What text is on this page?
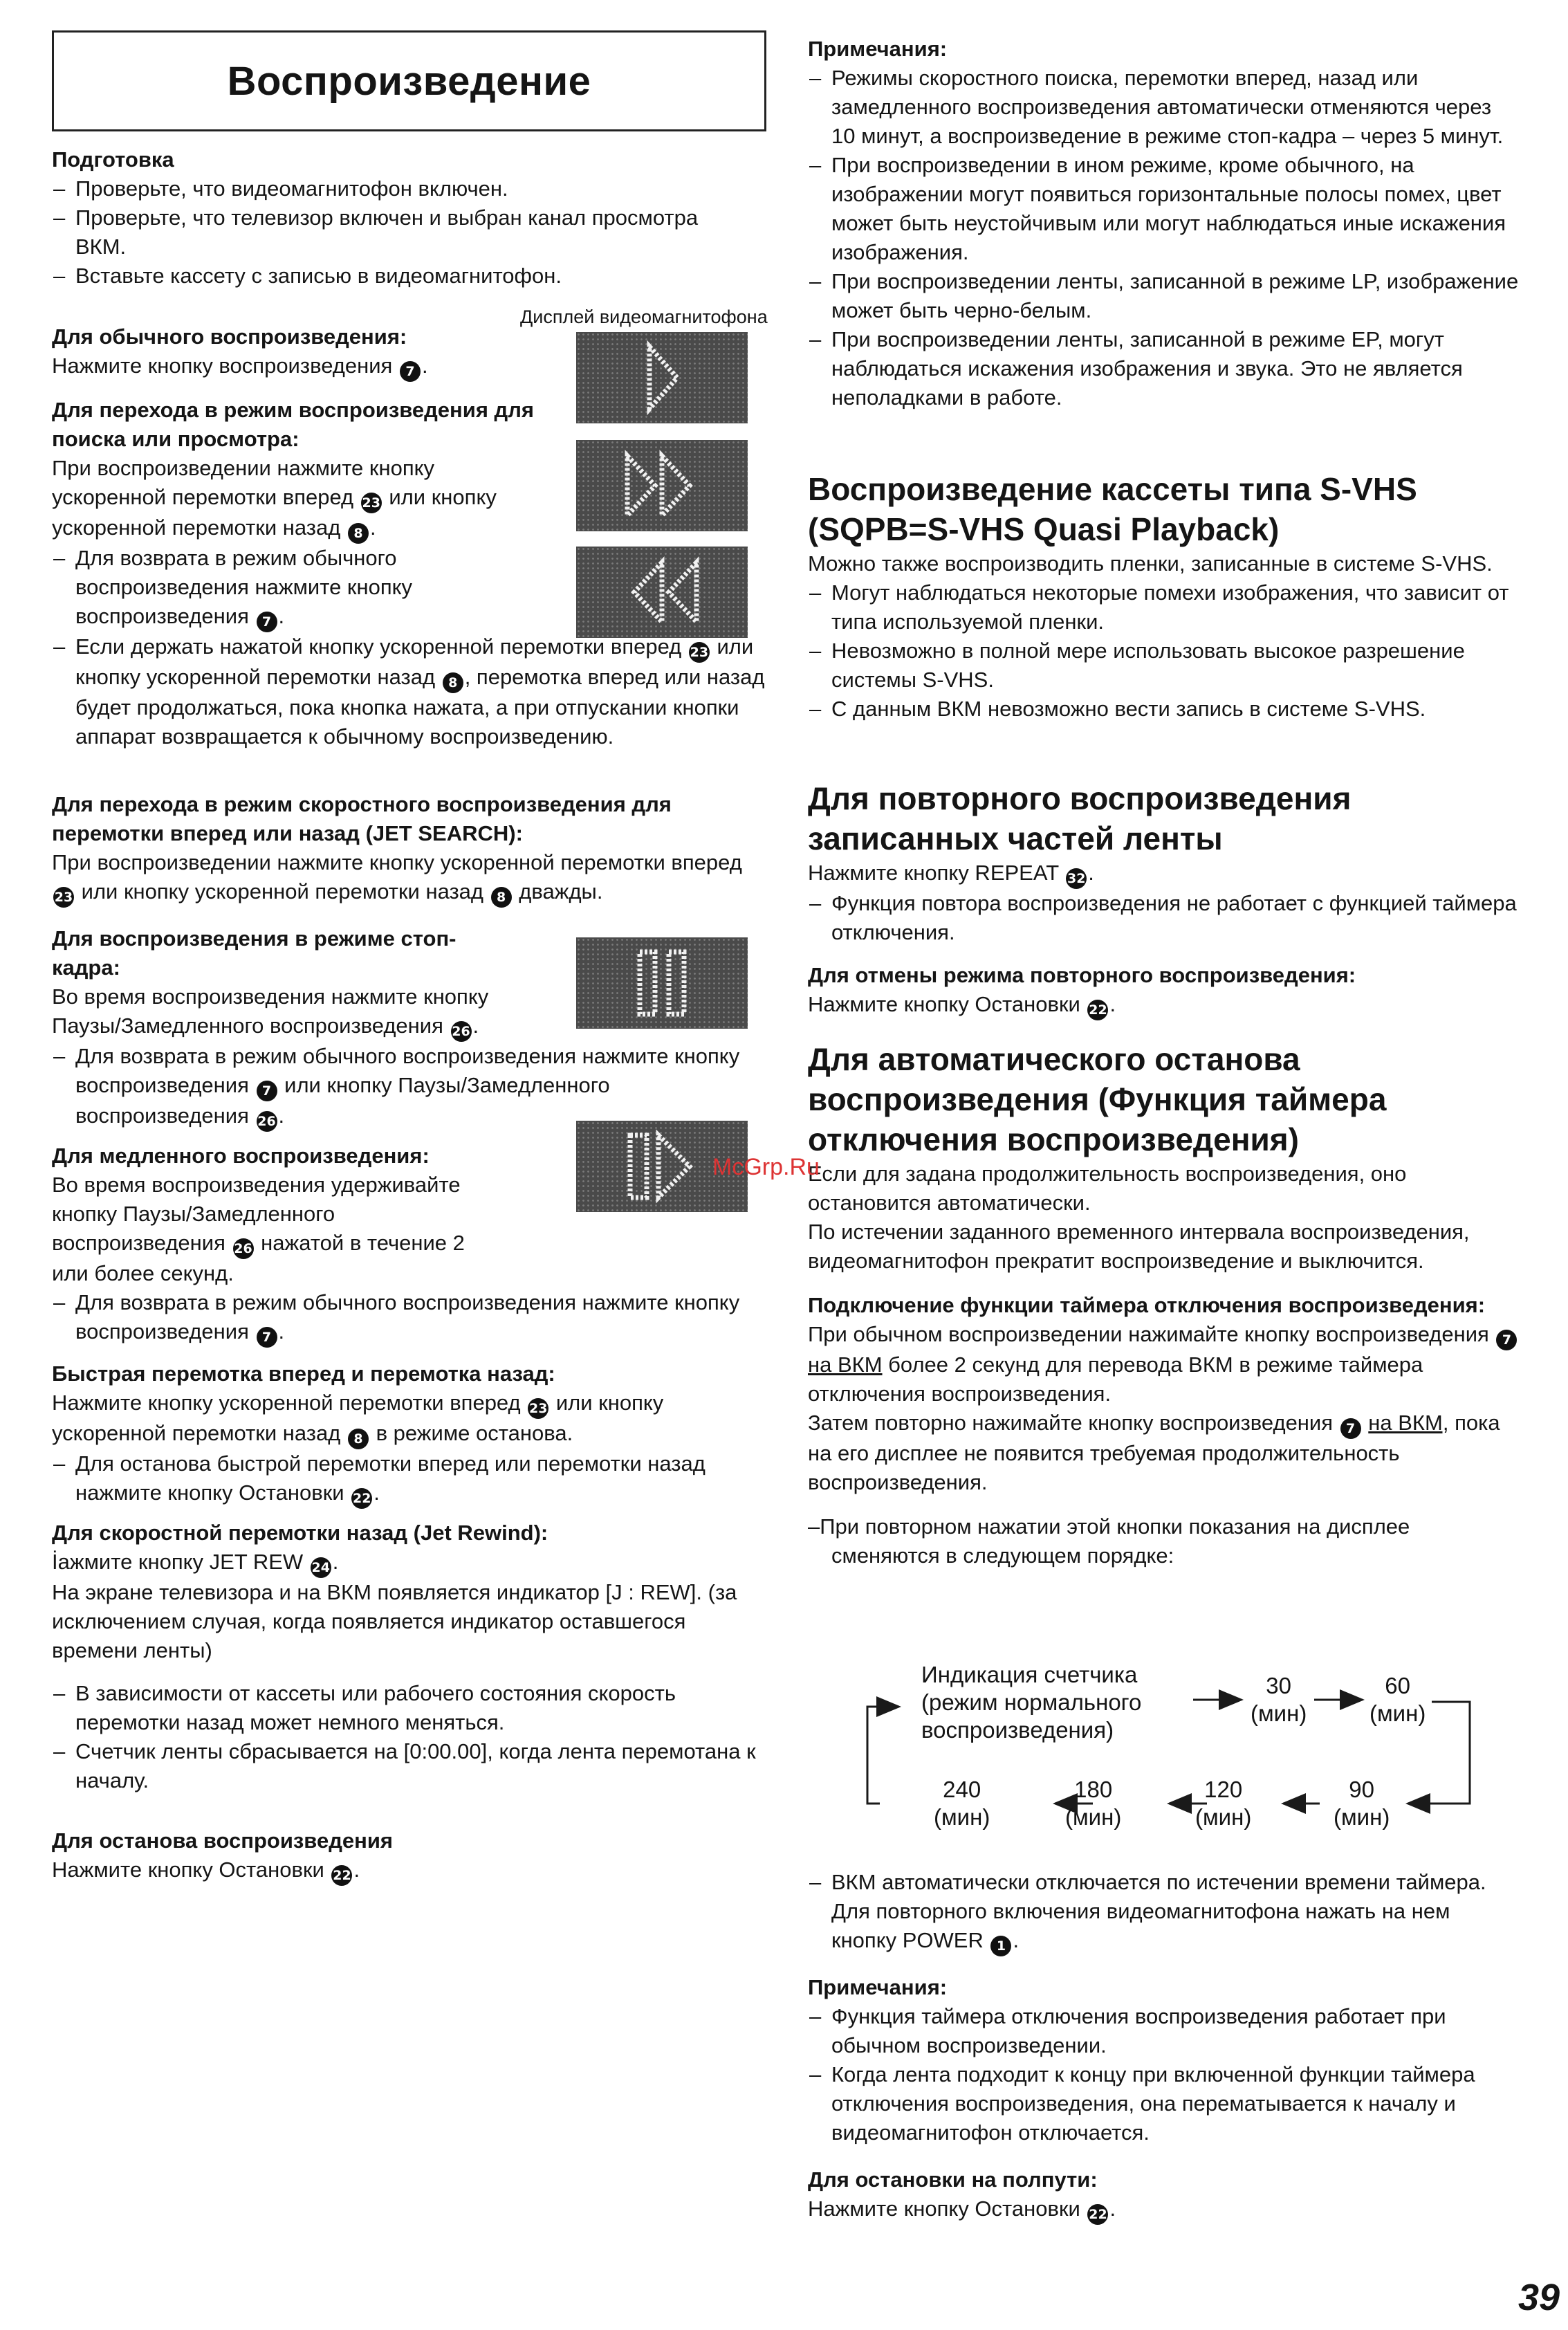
Воспроизведение

Подготовка

– Проверьте, что видеомагнитофон включен.
– Проверьте, что телевизор включен и выбран канал просмотра ВКМ.
– Вставьте кассету с записью в видеомагнитофон.
Дисплей видеомагнитофона

Для обычного воспроизведения:

Нажмите кнопку воспроизведения 7 .

Для перехода в режим воспроизведения для поиска или просмотра:

При воспроизведении нажмите кнопку ускоренной перемотки вперед 23 или кнопку ускоренной перемотки назад 8 .

– Для возврата в режим обычного воспроизведения нажмите кнопку воспроизведения 7 .
– Если держать нажатой кнопку ускоренной перемотки вперед 23 или кнопку ускоренной перемотки назад 8 , перемотка вперед или назад будет продолжаться, пока кнопка нажата, а при отпускании кнопки аппарат возвращается к обычному воспроизведению.

Для перехода в режим скоростного воспроизведения для перемотки вперед или назад (JET SEARCH):

При воспроизведении нажмите кнопку ускоренной перемотки вперед 23 или кнопку ускоренной перемотки назад 8 дважды.

Для воспроизведения в режиме стоп-кадра:

Во время воспроизведения нажмите кнопку Паузы/Замедленного воспроизведения 26 .

– Для возврата в режим обычного воспроизведения нажмите кнопку воспроизведения 7 или кнопку Паузы/Замедленного воспроизведения 26 .

Для медленного воспроизведения:

Во время воспроизведения удерживайте кнопку Паузы/Замедленного воспроизведения 26 нажатой в течение 2 или более секунд.

– Для возврата в режим обычного воспроизведения нажмите кнопку воспроизведения 7 .

Быстрая перемотка вперед и перемотка назад:

Нажмите кнопку ускоренной перемотки вперед 23 или кнопку ускоренной перемотки назад 8 в режиме останова.

– Для останова быстрой перемотки вперед или перемотки назад нажмите кнопку Остановки 22 .

Для скоростной перемотки назад (Jet Rewind):

İажмите кнопку JET REW 24 .

На экране телевизора и на ВКМ появляется индикатор [J : REW]. (за исключением случая, когда появляется индикатор оставшегося времени ленты)

– В зависимости от кассеты или рабочего состояния скорость перемотки назад может немного меняться.
– Счетчик ленты сбрасывается на [0:00.00], когда лента перемотана к началу.

Для останова воспроизведения

Нажмите кнопку Остановки 22 .

Примечания:

– Режимы скоростного поиска, перемотки вперед, назад или замедленного воспроизведения автоматически отменяются через 10 минут, а воспроизведение в режиме стоп-кадра – через 5 минут.
– При воспроизведении в ином режиме, кроме обычного, на изображении могут появиться горизонтальные полосы помех, цвет может быть неустойчивым или могут наблюдаться иные искажения изображения.
– При воспроизведении ленты, записанной в режиме LP, изображение может быть черно-белым.
– При воспроизведении ленты, записанной в режиме EP, могут наблюдаться искажения изображения и звука. Это не является неполадками в работе.

Воспроизведение кассеты типа S-VHS (SQPB=S-VHS Quasi Playback)

Можно также воспроизводить пленки, записанные в системе S-VHS.

– Могут наблюдаться некоторые помехи изображения, что зависит от типа используемой пленки.
– Невозможно в полной мере использовать высокое разрешение системы S-VHS.
– С данным ВКМ невозможно вести запись в системе S-VHS.

Для повторного воспроизведения записанных частей ленты

Нажмите кнопку REPEAT 32 .

– Функция повтора воспроизведения не работает с функцией таймера отключения.

Для отмены режима повторного воспроизведения:

Нажмите кнопку Остановки 22 .

Для автоматического останова воспроизведения (Функция таймера отключения воспроизведения)

Если для задана продолжительность воспроизведения, оно остановится автоматически.

По истечении заданного временного интервала воспроизведения, видеомагнитофон прекратит воспроизведение и выключится.

Подключение функции таймера отключения воспроизведения:

При обычном воспроизведении нажимайте кнопку воспроизведения 7 на ВКМ более 2 секунд для перевода ВКМ в режиме таймера отключения воспроизведения.

Затем повторно нажимайте кнопку воспроизведения 7 на ВКМ, пока на его дисплее не появится требуемая продолжительность воспроизведения.

–При повторном нажатии этой кнопки показания на дисплее сменяются в следующем порядке:

Индикация счетчика
(режим нормального
воспроизведения)
30
(мин)
60
(мин)
240
(мин)
180
(мин)
120
(мин)
90
(мин)
– ВКМ автоматически отключается по истечении времени таймера. Для повторного включения видеомагнитофона нажать на нем кнопку POWER 1 .

Примечания:

– Функция таймера отключения воспроизведения работает при обычном воспроизведении.
– Когда лента подходит к концу при включенной функции таймера отключения воспроизведения, она перематывается к началу и видеомагнитофон отключается.

Для остановки на полпути:

Нажмите кнопку Остановки 22 .

McGrp.Ru
39
